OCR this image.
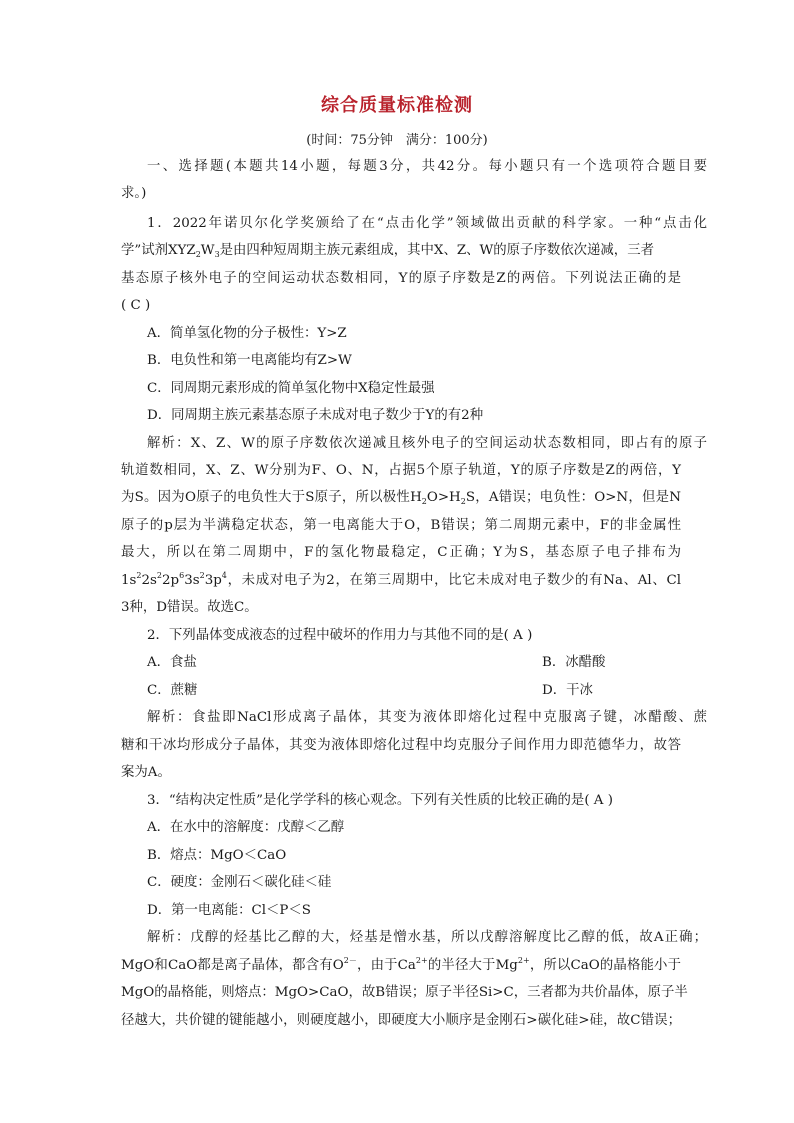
综合质量标准检测
(时间：75分钟　满分：100分)
一、选择题(本题共14小题，每题3分，共42分。每小题只有一个选项符合题目要
求。)
1．2022年诺贝尔化学奖颁给了在“点击化学”领域做出贡献的科学家。一种“点击化
学”试剂$XYZ_2W_3$是由四种短周期主族元素组成，其中X、Z、W的原子序数依次递减，三者
基态原子核外电子的空间运动状态数相同，Y的原子序数是Z的两倍。下列说法正确的是
( C )
A．简单氢化物的分子极性：Y>Z
B．电负性和第一电离能均有Z>W
C．同周期元素形成的简单氢化物中X稳定性最强
D．同周期主族元素基态原子未成对电子数少于Y的有2种
解析：X、Z、W的原子序数依次递减且核外电子的空间运动状态数相同，即占有的原子
轨道数相同，X、Z、W分别为F、O、N，占据5个原子轨道，Y的原子序数是Z的两倍，Y
为S。因为O原子的电负性大于S原子，所以极性$H_2O>H_2S$，A错误；电负性：O>N，但是N
原子的p层为半满稳定状态，第一电离能大于O，B错误；第二周期元素中，F的非金属性
最大，所以在第二周期中，F的氢化物最稳定，C正确；Y为S，基态原子电子排布为
$1s^22s^22p^63s^23p^4$，未成对电子为2，在第三周期中，比它未成对电子数少的有Na、Al、Cl
3种，D错误。故选C。
2．下列晶体变成液态的过程中破坏的作用力与其他不同的是( A )
A．食盐	B．冰醋酸
C．蔗糖	D．干冰
解析：食盐即NaCl形成离子晶体，其变为液体即熔化过程中克服离子键，冰醋酸、蔗
糖和干冰均形成分子晶体，其变为液体即熔化过程中均克服分子间作用力即范德华力，故答
案为A。
3．“结构决定性质”是化学学科的核心观念。下列有关性质的比较正确的是( A )
A．在水中的溶解度：戊醇＜乙醇
B．熔点：MgO＜CaO
C．硬度：金刚石＜碳化硅＜硅
D．第一电离能：Cl＜P＜S
解析：戊醇的烃基比乙醇的大，烃基是憎水基，所以戊醇溶解度比乙醇的低，故A正确；
MgO和CaO都是离子晶体，都含有$O^{2-}$，由于$Ca^{2+}$的半径大于$Mg^{2+}$，所以CaO的晶格能小于
MgO的晶格能，则熔点：MgO>CaO，故B错误；原子半径Si>C，三者都为共价晶体，原子半
径越大，共价键的键能越小，则硬度越小，即硬度大小顺序是金刚石>碳化硅>硅，故C错误；
